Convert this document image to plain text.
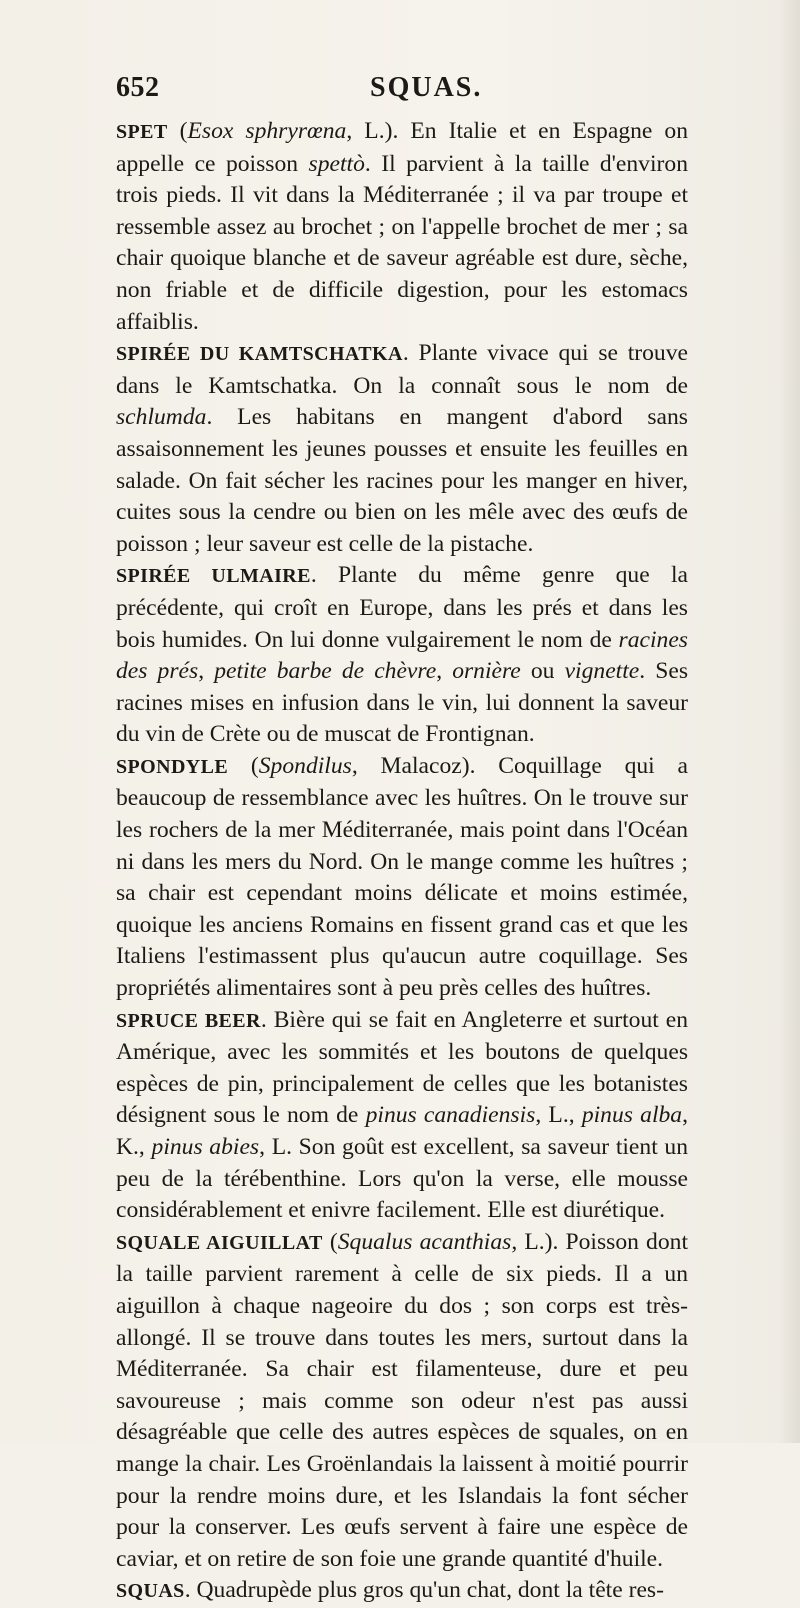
652	SQUAS.

SPET (Esox sphryrœna, L.). En Italie et en Espagne on appelle ce poisson spettò. Il parvient à la taille d'environ trois pieds. Il vit dans la Méditerranée ; il va par troupe et ressemble assez au brochet ; on l'appelle brochet de mer ; sa chair quoique blanche et de saveur agréable est dure, sèche, non friable et de difficile digestion, pour les estomacs affaiblis.

SPIRÉE DU KAMTSCHATKA. Plante vivace qui se trouve dans le Kamtschatka. On la connaît sous le nom de schlumda. Les habitans en mangent d'abord sans assaisonnement les jeunes pousses et ensuite les feuilles en salade. On fait sécher les racines pour les manger en hiver, cuites sous la cendre ou bien on les mêle avec des œufs de poisson ; leur saveur est celle de la pistache.

SPIRÉE ULMAIRE. Plante du même genre que la précédente, qui croît en Europe, dans les prés et dans les bois humides. On lui donne vulgairement le nom de racines des prés, petite barbe de chèvre, ornière ou vignette. Ses racines mises en infusion dans le vin, lui donnent la saveur du vin de Crète ou de muscat de Frontignan.

SPONDYLE (Spondilus, Malacoz). Coquillage qui a beaucoup de ressemblance avec les huîtres. On le trouve sur les rochers de la mer Méditerranée, mais point dans l'Océan ni dans les mers du Nord. On le mange comme les huîtres ; sa chair est cependant moins délicate et moins estimée, quoique les anciens Romains en fissent grand cas et que les Italiens l'estimassent plus qu'aucun autre coquillage. Ses propriétés alimentaires sont à peu près celles des huîtres.

SPRUCE BEER. Bière qui se fait en Angleterre et surtout en Amérique, avec les sommités et les boutons de quelques espèces de pin, principalement de celles que les botanistes désignent sous le nom de pinus canadiensis, L., pinus alba, K., pinus abies, L. Son goût est excellent, sa saveur tient un peu de la térébenthine. Lors qu'on la verse, elle mousse considérablement et enivre facilement. Elle est diurétique.

SQUALE AIGUILLAT (Squalus acanthias, L.). Poisson dont la taille parvient rarement à celle de six pieds. Il a un aiguillon à chaque nageoire du dos ; son corps est très-allongé. Il se trouve dans toutes les mers, surtout dans la Méditerranée. Sa chair est filamenteuse, dure et peu savoureuse ; mais comme son odeur n'est pas aussi désagréable que celle des autres espèces de squales, on en mange la chair. Les Groënlandais la laissent à moitié pourrir pour la rendre moins dure, et les Islandais la font sécher pour la conserver. Les œufs servent à faire une espèce de caviar, et on retire de son foie une grande quantité d'huile.

SQUAS. Quadrupède plus gros qu'un chat, dont la tête res-
